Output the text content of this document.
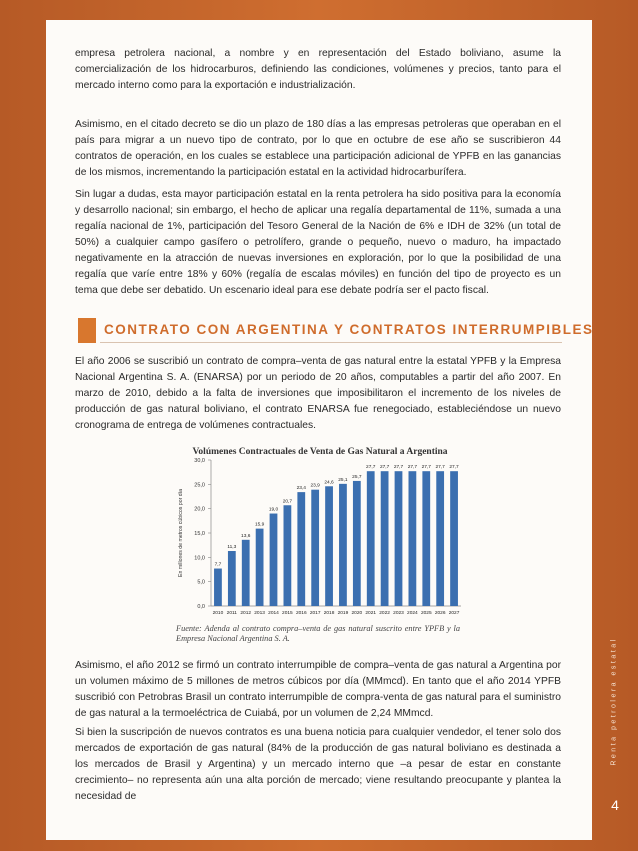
empresa petrolera nacional, a nombre y en representación del Estado boliviano, asume la comercialización de los hidrocarburos, definiendo las condiciones, volúmenes y precios, tanto para el mercado interno como para la exportación e industrialización.

Asimismo, en el citado decreto se dio un plazo de 180 días a las empresas petroleras que operaban en el país para migrar a un nuevo tipo de contrato, por lo que en octubre de ese año se suscribieron 44 contratos de operación, en los cuales se establece una participación adicional de YPFB en las ganancias de los mismos, incrementando la participación estatal en la actividad hidrocarburífera.

Sin lugar a dudas, esta mayor participación estatal en la renta petrolera ha sido positiva para la economía y desarrollo nacional; sin embargo, el hecho de aplicar una regalía departamental de 11%, sumada a una regalía nacional de 1%, participación del Tesoro General de la Nación de 6% e IDH de 32% (un total de 50%) a cualquier campo gasífero o petrolífero, grande o pequeño, nuevo o maduro, ha impactado negativamente en la atracción de nuevas inversiones en exploración, por lo que la posibilidad de una regalía que varíe entre 18% y 60% (regalía de escalas móviles) en función del tipo de proyecto es un tema que debe ser debatido. Un escenario ideal para ese debate podría ser el pacto fiscal.

CONTRATO CON ARGENTINA Y CONTRATOS INTERRUMPIBLES

El año 2006 se suscribió un contrato de compra–venta de gas natural entre la estatal YPFB y la Empresa Nacional Argentina S. A. (ENARSA) por un periodo de 20 años, computables a partir del año 2007. En marzo de 2010, debido a la falta de inversiones que imposibilitaron el incremento de los niveles de producción de gas natural boliviano, el contrato ENARSA fue renegociado, estableciéndose un nuevo cronograma de entrega de volúmenes contractuales.

Volúmenes Contractuales de Venta de Gas Natural a Argentina
En millones de metros cúbicos por día
0,0
5,0
10,0
15,0
20,0
25,0
30,0
7,7
2010
11,3
2011
13,6
2012
15,9
2013
19,0
2014
20,7
2015
23,4
2016
23,9
2017
24,6
2018
25,1
2019
25,7
2020
27,7
2021
27,7
2022
27,7
2023
27,7
2024
27,7
2025
27,7
2026
27,7
2027

Fuente: Adenda al contrato compra–venta de gas natural suscrito entre YPFB y la Empresa Nacional Argentina S. A.

Asimismo, el año 2012 se firmó un contrato interrumpible de compra–venta de gas natural a Argentina por un volumen máximo de 5 millones de metros cúbicos por día (MMmcd). En tanto que el año 2014 YPFB suscribió con Petrobras Brasil un contrato interrumpible de compra-venta de gas natural para el suministro de gas natural a la termoeléctrica de Cuiabá, por un volumen de 2,24 MMmcd.

Si bien la suscripción de nuevos contratos es una buena noticia para cualquier vendedor, el tener solo dos mercados de exportación de gas natural (84% de la producción de gas natural boliviano es destinada a los mercados de Brasil y Argentina) y un mercado interno que –a pesar de estar en constante crecimiento– no representa aún una alta porción de mercado; viene resultando preocupante y plantea la necesidad de

Renta petrolera estatal
4
